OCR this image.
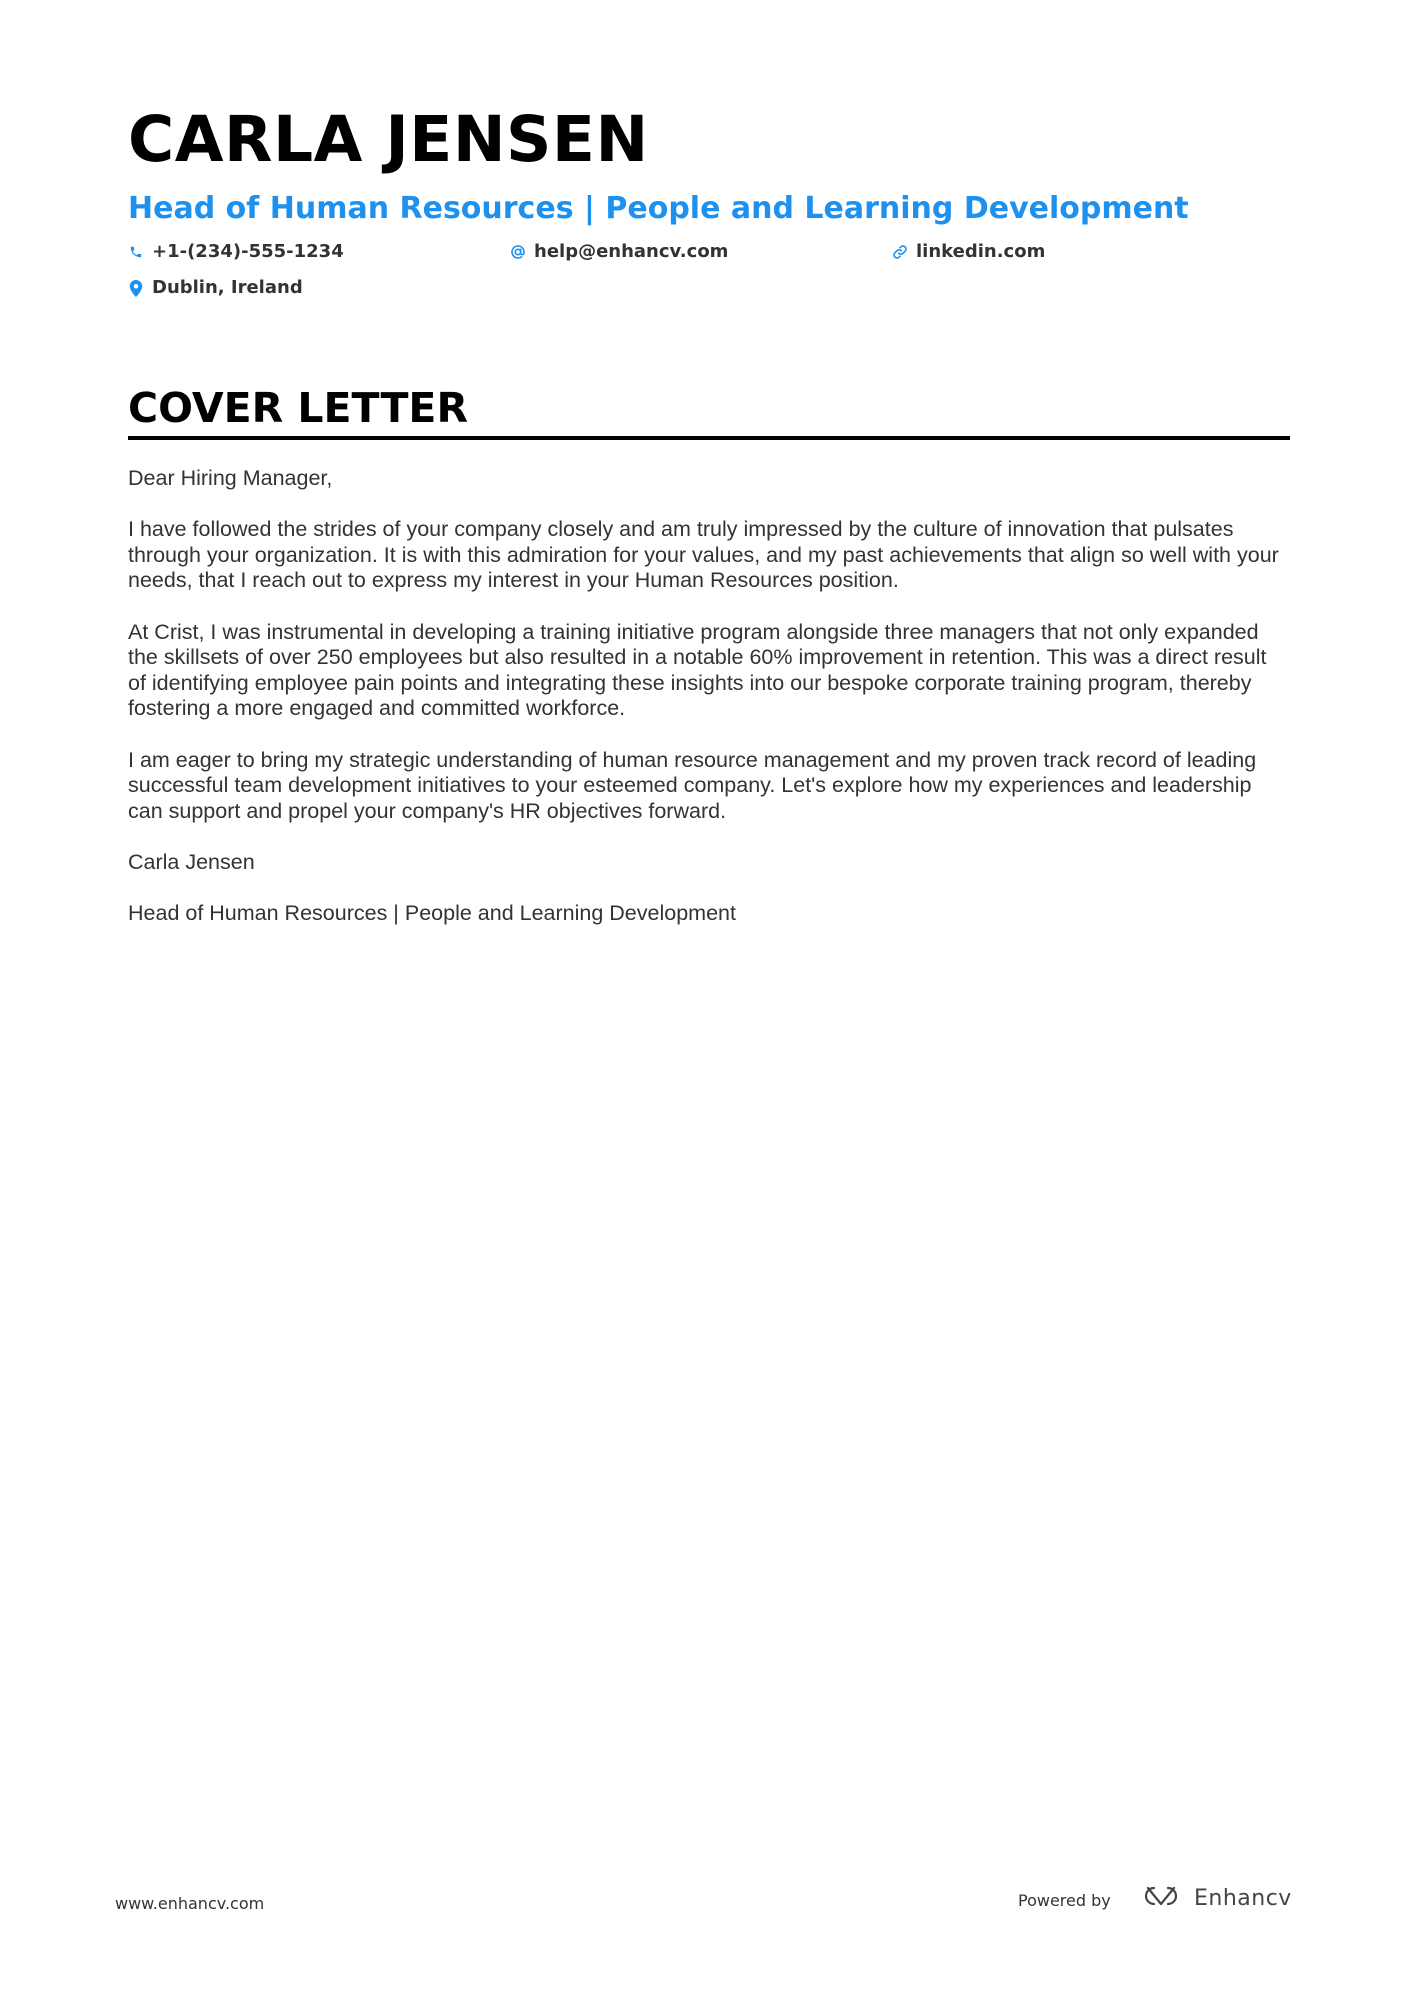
CARLA JENSEN
Head of Human Resources | People and Learning Development
+1-(234)-555-1234	help@enhancv.com	linkedin.com
Dublin, Ireland
COVER LETTER

Dear Hiring Manager,

I have followed the strides of your company closely and am truly impressed by the culture of innovation that pulsates through your organization. It is with this admiration for your values, and my past achievements that align so well with your needs, that I reach out to express my interest in your Human Resources position.

At Crist, I was instrumental in developing a training initiative program alongside three managers that not only expanded the skillsets of over 250 employees but also resulted in a notable 60% improvement in retention. This was a direct result of identifying employee pain points and integrating these insights into our bespoke corporate training program, thereby fostering a more engaged and committed workforce.

I am eager to bring my strategic understanding of human resource management and my proven track record of leading successful team development initiatives to your esteemed company. Let's explore how my experiences and leadership can support and propel your company's HR objectives forward.

Carla Jensen

Head of Human Resources | People and Learning Development

www.enhancv.com	Powered by	Enhancv
